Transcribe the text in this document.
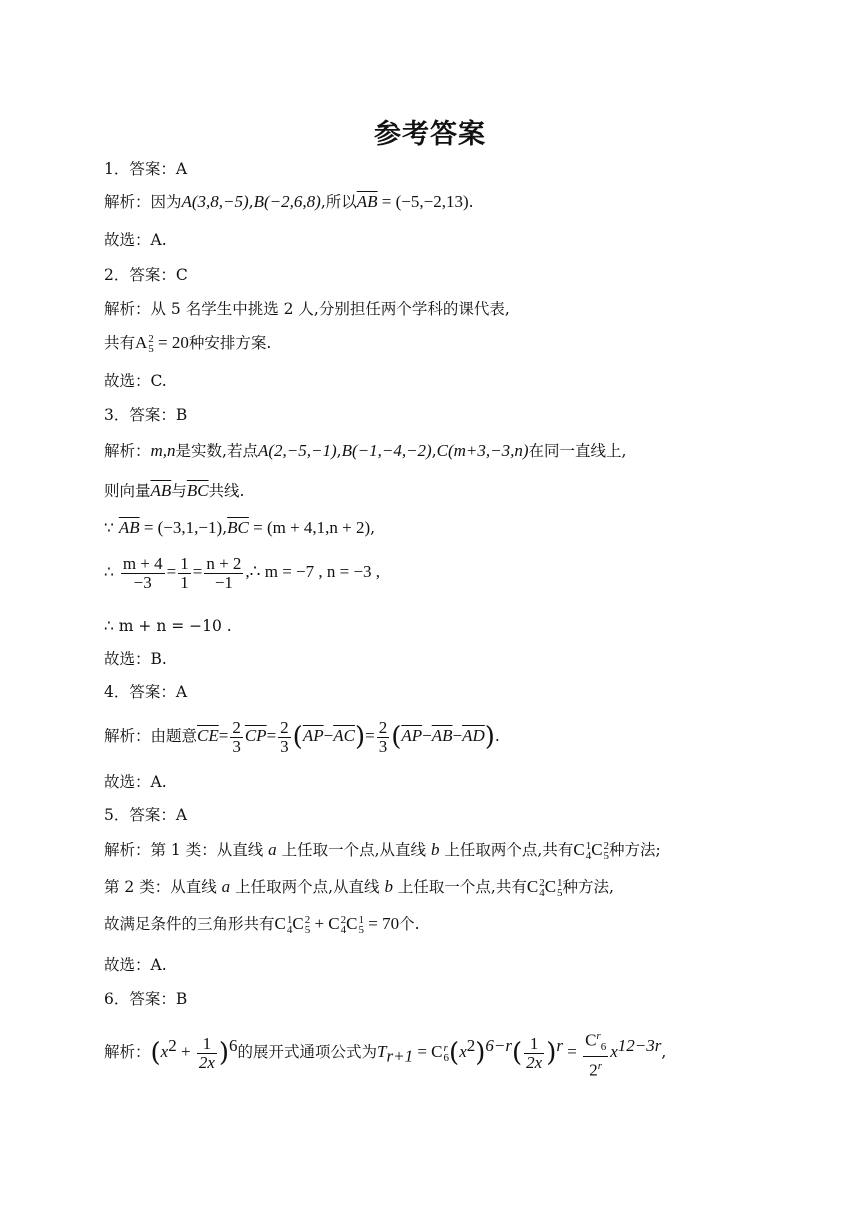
参考答案
1．答案：A
解析：因为A(3,8,−5),B(−2,6,8),所以$\overline{AB} = (-5,-2,13)$.
故选：A.
2．答案：C
解析：从 5 名学生中挑选 2 人,分别担任两个学科的课代表,
共有A 2
5 = 20种安排方案.
故选：C.
3．答案：B
解析：m,n是实数,若点A(2,−5,−1),B(−1,−4,−2),C(m+3,−3,n)在同一直线上,
则向量$\overline{AB}$与$\overline{BC}$共线.
∵ $\overline{AB} = (-3,1,-1),\overline{BC} = (m + 4,1,n + 2)$,
∴ $\frac{m + 4}{-3} = \frac{1}{1} = \frac{n + 2}{-1}$ ,∴ m = −7 , n = −3 ,
∴ m + n = −10 .
故选：B.
4．答案：A
解析：由题意$\overline{CE}= \frac{2}{3} \overline{CP}= \frac{2}{3} (\overline{AP}-\overline{AC})= \frac{2}{3} (\overline{AP}-\overline{AB}-\overline{AD})$.
故选：A.
5．答案：A
解析：第 1 类：从直线 a 上任取一个点,从直线 b 上任取两个点,共有C 1
4 C 2
5 种方法;
第 2 类：从直线 a 上任取两个点,从直线 b 上任取一个点,共有C 2
4 C 1
5 种方法,
故满足条件的三角形共有C 1
4 C 2
5 + C 2
4 C 1
5 = 70个.
故选：A.
6．答案：B
解析：$(x^2 + \frac{1}{2x} )^6$的展开式通项公式为$T_{r+1} = C$ r
6 $(x^2)^{6-r}( \frac{1}{2x} )^r = \frac{C^r_6}{2^r} x^{12-3r}$,
